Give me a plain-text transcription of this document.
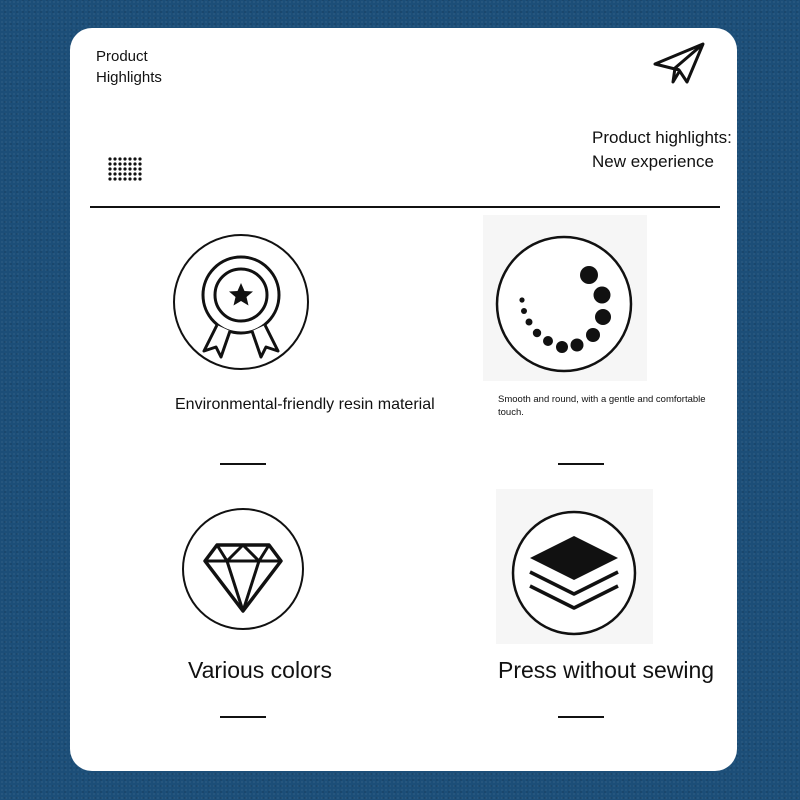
Product
Highlights
Product highlights: New experience
Environmental-friendly resin material	Smooth and round, with a gentle and comfortable touch.
Various colors	Press without sewing
